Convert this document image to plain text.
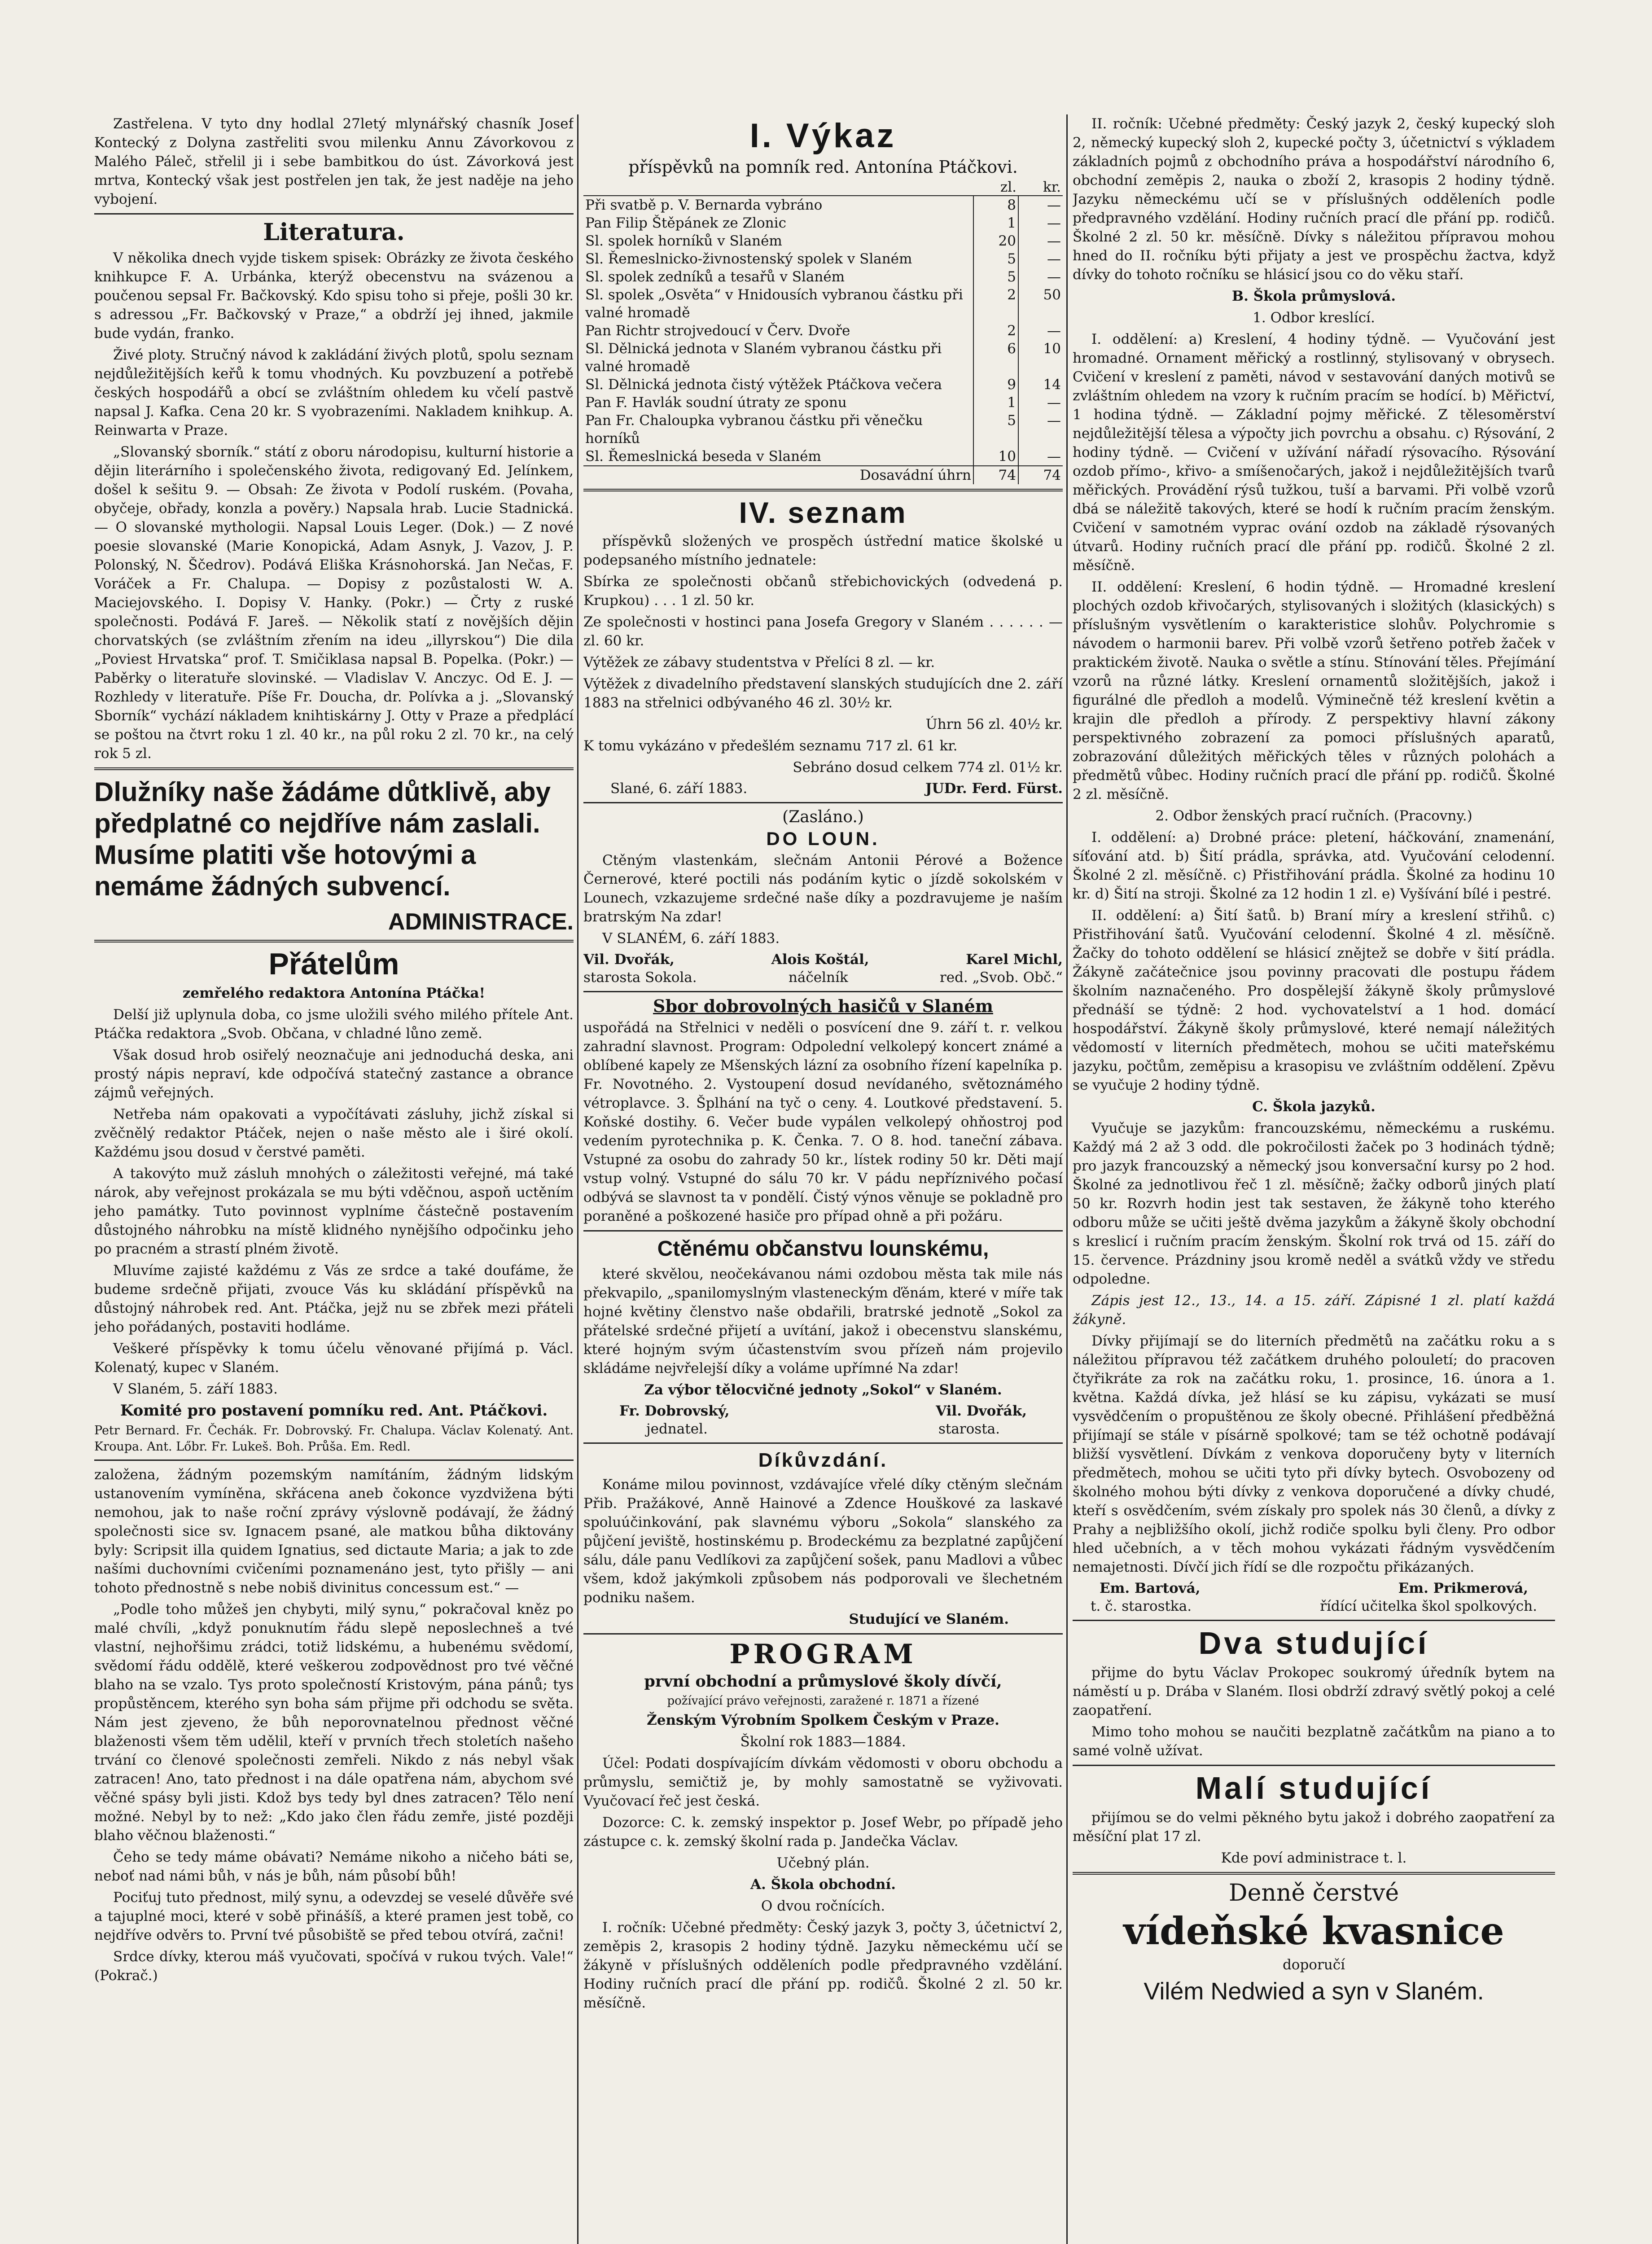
Zastřelena. V tyto dny hodlal 27letý mlynářský chasník Josef Kontecký z Dolyna zastřeliti svou milenku Annu Závorkovou z Malého Páleč, střelil ji i sebe bambitkou do úst. Závorková jest mrtva, Kontecký však jest postřelen jen tak, že jest naděje na jeho vybojení.

Literatura.

V několika dnech vyjde tiskem spisek: Obrázky ze života českého knihkupce F. A. Urbánka, kterýž obecenstvu na svázenou a poučenou sepsal Fr. Bačkovský. Kdo spisu toho si přeje, pošli 30 kr. s adressou „Fr. Bačkovský v Praze,“ a obdrží jej ihned, jakmile bude vydán, franko.

Živé ploty. Stručný návod k zakládání živých plotů, spolu seznam nejdůležitějších keřů k tomu vhodných. Ku povzbuzení a potřebě českých hospodářů a obcí se zvláštním ohledem ku včelí pastvě napsal J. Kafka. Cena 20 kr. S vyobrazeními. Nakladem knihkup. A. Reinwarta v Praze.

„Slovanský sborník.“ státí z oboru národopisu, kulturní historie a dějin literárního i společenského života, redigovaný Ed. Jelínkem, došel k sešitu 9. — Obsah: Ze života v Podolí ruském. (Povaha, obyčeje, obřady, konzla a pověry.) Napsala hrab. Lucie Stadnická. — O slovanské mythologii. Napsal Louis Leger. (Dok.) — Z nové poesie slovanské (Marie Konopická, Adam Asnyk, J. Vazov, J. P. Polonský, N. Ščedrov). Podává Eliška Krásnohorská. Jan Nečas, F. Voráček a Fr. Chalupa. — Dopisy z pozůstalosti W. A. Maciejovského. I. Dopisy V. Hanky. (Pokr.) — Črty z ruské společnosti. Podává F. Jareš. — Několik statí z novějších dějin chorvatských (se zvláštním zřením na ideu „illyrskou“) Die dila „Poviest Hrvatska“ prof. T. Smičiklasa napsal B. Popelka. (Pokr.) — Paběrky o literatuře slovinské. — Vladislav V. Anczyc. Od E. J. — Rozhledy v literatuře. Píše Fr. Doucha, dr. Polívka a j. „Slovanský Sborník“ vychází nákladem knihtiskárny J. Otty v Praze a předplácí se poštou na čtvrt roku 1 zl. 40 kr., na půl roku 2 zl. 70 kr., na celý rok 5 zl.

Dlužníky naše žádáme důtklivě, aby předplatné co nejdříve nám zaslali. Musíme platiti vše hotovými a nemáme žádných subvencí.
ADMINISTRACE.
Přátelům

zemřelého redaktora Antonína Ptáčka!

Delší již uplynula doba, co jsme uložili svého milého přítele Ant. Ptáčka redaktora „Svob. Občana, v chladné lůno země.

Však dosud hrob osiřelý neoznačuje ani jednoduchá deska, ani prostý nápis nepraví, kde odpočívá statečný zastance a obrance zájmů veřejných.

Netřeba nám opakovati a vypočítávati zásluhy, jichž získal si zvěčnělý redaktor Ptáček, nejen o naše město ale i širé okolí. Každému jsou dosud v čerstvé paměti.

A takovýto muž zásluh mnohých o záležitosti veřejné, má také nárok, aby veřejnost prokázala se mu býti vděčnou, aspoň uctěním jeho památky. Tuto povinnost vyplníme částečně postavením důstojného náhrobku na místě klidného nynějšího odpočinku jeho po pracném a strastí plném životě.

Mluvíme zajisté každému z Vás ze srdce a také doufáme, že budeme srdečně přijati, zvouce Vás ku skládání příspěvků na důstojný náhrobek red. Ant. Ptáčka, jejž nu se zbřek mezi přáteli jeho pořádaných, postaviti hodláme.

Veškeré příspěvky k tomu účelu věnované přijímá p. Václ. Kolenatý, kupec v Slaném.

V Slaném, 5. září 1883.

Komité pro postavení pomníku red. Ant. Ptáčkovi.

Petr Bernard. Fr. Čechák. Fr. Dobrovský. Fr. Chalupa. Václav Kolenatý. Ant. Kroupa. Ant. Lőbr. Fr. Lukeš. Boh. Průša. Em. Redl.

založena, žádným pozemským namítáním, žádným lidským ustanovením vymíněna, skřácena aneb čokonce vyzdvižena býti nemohou, jak to naše roční zprávy výslovně podávají, že žádný společnosti sice sv. Ignacem psané, ale matkou bůha diktovány byly: Scripsit illa quidem Ignatius, sed dictaute Maria; a jak to zde našími duchovními cvičeními poznamenáno jest, tyto přišly — ani tohoto přednostně s nebe nobiš divinitus concessum est.“ —

„Podle toho můžeš jen chybyti, milý synu,“ pokračoval kněz po malé chvíli, „když ponuknutím řádu slepě neposlechneš a tvé vlastní, nejhořšimu zrádci, totiž lidskému, a hubenému svědomí, svědomí řádu oddělě, které veškerou zodpovědnost pro tvé věčné blaho na se vzalo. Tys proto společností Kristovým, pána pánů; tys propůstěncem, kterého syn boha sám přijme při odchodu se světa. Nám jest zjeveno, že bůh neporovnatelnou přednost věčné blaženosti všem těm udělil, kteří v prvních třech stoletích našeho trvání co členové společnosti zemřeli. Nikdo z nás nebyl však zatracen! Ano, tato přednost i na dále opatřena nám, abychom své věčné spásy byli jisti. Kdož bys tedy byl dnes zatracen? Tělo není možné. Nebyl by to než: „Kdo jako člen řádu zemře, jisté později blaho věčnou blaženosti.“

Čeho se tedy máme obávati? Nemáme nikoho a ničeho báti se, neboť nad námi bůh, v nás je bůh, nám působí bůh!

Pociťuj tuto přednost, milý synu, a odevzdej se veselé důvěře své a tajuplné moci, které v sobě přinášíš, a které pramen jest tobě, co nejdříve odvěrs to. První tvé působiště se před tebou otvírá, začni!

Srdce dívky, kterou máš vyučovati, spočívá v rukou tvých. Vale!“ (Pokrač.)

I. Výkaz

příspěvků na pomník red. Antonína Ptáčkovi.

	zl.	kr.
Při svatbě p. V. Bernarda vybráno	8	—
Pan Filip Štěpánek ze Zlonic	1	—
Sl. spolek horníků v Slaném	20	—
Sl. Řemeslnicko-živnostenský spolek v Slaném	5	—
Sl. spolek zedníků a tesařů v Slaném	5	—
Sl. spolek „Osvěta“ v Hnidousích vybranou částku při valné hromadě	2	50
Pan Richtr strojvedoucí v Červ. Dvoře	2	—
Sl. Dělnická jednota v Slaném vybranou částku při valné hromadě	6	10
Sl. Dělnická jednota čistý výtěžek Ptáčkova večera	9	14
Pan F. Havlák soudní útraty ze sponu	1	—
Pan Fr. Chaloupka vybranou částku při věnečku horníků	5	—
Sl. Řemeslnická beseda v Slaném	10	—
Dosavádní úhrn	74	74
IV. seznam

příspěvků složených ve prospěch ústřední matice školské u podepsaného místního jednatele:

Sbírka ze společnosti občanů střebichovických (odvedená p. Krupkou) . . . 1 zl. 50 kr.

Ze společnosti v hostinci pana Josefa Gregory v Slaném . . . . . . — zl. 60 kr.

Výtěžek ze zábavy studentstva v Přelíci 8 zl. — kr.

Výtěžek z divadelního představení slanských studujících dne 2. září 1883 na střelnici odbývaného 46 zl. 30½ kr.

Úhrn 56 zl. 40½ kr.

K tomu vykázáno v předešlém seznamu 717 zl. 61 kr.

Sebráno dosud celkem 774 zl. 01½ kr.

Slané, 6. září 1883.	JUDr. Ferd. Fürst.

(Zasláno.)

DO LOUN.

Ctěným vlastenkám, slečnám Antonii Pérové a Božence Černerové, které poctili nás podáním kytic o jízdě sokolském v Lounech, vzkazujeme srdečné naše díky a pozdravujeme je naším bratrským Na zdar!

V SLANÉM, 6. září 1883.

Vil. Dvořák,	Alois Koštál,	Karel Michl,
starosta Sokola.	náčelník	red. „Svob. Obč.“

Sbor dobrovolných hasičů v Slaném

uspořádá na Střelnici v neděli o posvícení dne 9. září t. r. velkou zahradní slavnost. Program: Odpolední velkolepý koncert známé a oblíbené kapely ze Mšenských lázní za osobního řízení kapelníka p. Fr. Novotného. 2. Vystoupení dosud nevídaného, světoznámého vétroplavce. 3. Šplhání na tyč o ceny. 4. Loutkové představení. 5. Koňské dostihy. 6. Večer bude vypálen velkolepý ohňostroj pod vedením pyrotechnika p. K. Čenka. 7. O 8. hod. taneční zábava. Vstupné za osobu do zahrady 50 kr., lístek rodiny 50 kr. Děti mají vstup volný. Vstupné do sálu 70 kr. V pádu nepříznivého počasí odbývá se slavnost ta v pondělí. Čistý výnos věnuje se pokladně pro poraněné a poškozené hasiče pro případ ohně a při požáru.

Ctěnému občanstvu lounskému,

které skvělou, neočekávanou námi ozdobou města tak mile nás překvapilo, „spanilomyslným vlastenecký́m ďěnám, které v míře tak hojné květiny členstvo naše obdařili, bratrské jednotě „Sokol za přátelské srdečné přijetí a uvítání, jakož i obecenstvu slanskému, které hojným svým účastenstvím svou přízeň nám projevilo skládáme nejvřelejší díky a voláme upřímné Na zdar!

Za výbor tělocvičné jednoty „Sokol“ v Slaném.

Fr. Dobrovský,	Vil. Dvořák,
jednatel.	starosta.
Díkůvzdání.

Konáme milou povinnost, vzdávajíce vřelé díky ctěným slečnám Přib. Pražákové, Anně Hainové a Zdence Houškové za laskavé spoluúčinkování, pak slavnému výboru „Sokola“ slanského za půjčení jeviště, hostinskému p. Brodeckému za bezplatné zapůjčení sálu, dále panu Vedlíkovi za zapůjčení sošek, panu Madlovi a vůbec všem, kdož jakýmkoli způsobem nás podporovali ve šlechetném podniku našem.

Studující ve Slaném.

PROGRAM

první obchodní a průmyslové školy dívčí,

požívající právo veřejnosti, zaražené r. 1871 a řízené

Ženským Výrobním Spolkem Českým v Praze.

Školní rok 1883—1884.

Účel: Podati dospívajícím dívkám vědomosti v oboru obchodu a průmyslu, semičtiž je, by mohly samostatně se vyživovati. Vyučovací řeč jest česká.

Dozorce: C. k. zemský inspektor p. Josef Webr, po případě jeho zástupce c. k. zemský školní rada p. Jandečka Václav.

Učebný plán.

A. Škola obchodní.

O dvou ročnících.

I. ročník: Učebné předměty: Český jazyk 3, počty 3, účetnictví 2, zeměpis 2, krasopis 2 hodiny týdně. Jazyku německému učí se žákyně v příslušných odděleních podle předpravného vzdělání. Hodiny ručních prací dle přání pp. rodičů. Školné 2 zl. 50 kr. měsíčně.

II. ročník: Učebné předměty: Český jazyk 2, český kupecký sloh 2, německý kupecký sloh 2, kupecké počty 3, účetnictví s výkladem základních pojmů z obchodního práva a hospodářství národního 6, obchodní zeměpis 2, nauka o zboží 2, krasopis 2 hodiny týdně. Jazyku německému učí se v příslušných odděleních podle předpravného vzdělání. Hodiny ručních prací dle přání pp. rodičů. Školné 2 zl. 50 kr. měsíčně. Dívky s náležitou přípravou mohou hned do II. ročníku býti přijaty a jest ve prospěchu žactva, když dívky do tohoto ročníku se hlásicí jsou co do věku staří.

B. Škola průmyslová.

1. Odbor kreslící.

I. oddělení: a) Kreslení, 4 hodiny týdně. — Vyučování jest hromadné. Ornament měřický a rostlinný, stylisovaný v obrysech. Cvičení v kreslení z paměti, návod v sestavování daných motivů se zvláštním ohledem na vzory k ručním pracím se hodící. b) Měřictví, 1 hodina týdně. — Základní pojmy měřické. Z tělesoměrství nejdůležitější tělesa a výpočty jich povrchu a obsahu. c) Rýsování, 2 hodiny týdně. — Cvičení v užívání nářadí rýsovacího. Rýsování ozdob přímo-, křivo- a smíšenočarých, jakož i nejdůležitějších tvarů měřických. Provádění rýsů tužkou, tuší a barvami. Při volbě vzorů dbá se náležitě takových, které se hodí k ručním pracím ženským. Cvičení v samotném vyprac ování ozdob na základě rýsovaných útvarů. Hodiny ručních prací dle přání pp. rodičů. Školné 2 zl. měsíčně.

II. oddělení: Kreslení, 6 hodin týdně. — Hromadné kreslení plochých ozdob křivočarých, stylisovaných i složitých (klasických) s příslušným vysvětlením o karakteristice slohův. Polychromie s návodem o harmonii barev. Při volbě vzorů šetřeno potřeb žaček v praktickém životě. Nauka o světle a stínu. Stínování těles. Přejímání vzorů na různé látky. Kreslení ornamentů složitějších, jakož i figurálné dle předloh a modelů. Výminečně též kreslení květin a krajin dle předloh a přírody. Z perspektivy hlavní zákony perspektivného zobrazení za pomoci příslušných aparatů, zobrazování důležitých měřických těles v různých polohách a předmětů vůbec. Hodiny ručních prací dle přání pp. rodičů. Školné 2 zl. měsíčně.

2. Odbor ženských prací ručních. (Pracovny.)

I. oddělení: a) Drobné práce: pletení, háčkování, znamenání, síťování atd. b) Šití prádla, správka, atd. Vyučování celodenní. Školné 2 zl. měsíčně. c) Přistřihování prádla. Školné za hodinu 10 kr. d) Šití na stroji. Školné za 12 hodin 1 zl. e) Vyšívání bílé i pestré.

II. oddělení: a) Šití šatů. b) Braní míry a kreslení střihů. c) Přistřihování šatů. Vyučování celodenní. Školné 4 zl. měsíčně. Žačky do tohoto oddělení se hlásicí znějtež se dobře v šití prádla. Žákyně začátečnice jsou povinny pracovati dle postupu řádem školním naznačeného. Pro dospělejší žákyně školy průmyslové přednáší se týdně: 2 hod. vychovatelství a 1 hod. domácí hospodářství. Žákyně školy průmyslové, které nemají náležitých vědomostí v literních předmětech, mohou se učiti mateřskému jazyku, počtům, zeměpisu a krasopisu ve zvláštním oddělení. Zpěvu se vyučuje 2 hodiny týdně.

C. Škola jazyků.

Vyučuje se jazykům: francouzskému, německému a ruskému. Každý má 2 až 3 odd. dle pokročilosti žaček po 3 hodinách týdně; pro jazyk francouzský a německý jsou konversační kursy po 2 hod. Školné za jednotlivou řeč 1 zl. měsíčně; žačky odborů jiných platí 50 kr. Rozvrh hodin jest tak sestaven, že žákyně toho kterého odboru může se učiti ještě dvěma jazykům a žákyně školy obchodní s kreslicí i ručním pracím ženským. Školní rok trvá od 15. září do 15. července. Prázdniny jsou kromě neděl a svátků vždy ve středu odpoledne.

Zápis jest 12., 13., 14. a 15. září. Zápisné 1 zl. platí každá žákyně.

Dívky přijímají se do literních předmětů na začátku roku a s náležitou přípravou též začátkem druhého polouletí; do pracoven čtyřikráte za rok na začátku roku, 1. prosince, 16. února a 1. května. Každá dívka, jež hlásí se ku zápisu, vykázati se musí vysvědčením o propuštěnou ze školy obecné. Přihlášení předběžná přijímají se stále v písárně spolkové; tam se též ochotně podávají bližší vysvětlení. Dívkám z venkova doporučeny byty v literních předmětech, mohou se učiti tyto při dívky bytech. Osvobozeny od školného mohou býti dívky z venkova doporučené a dívky chudé, kteří s osvědčením, svém získaly pro spolek nás 30 členů, a dívky z Prahy a nejbližšího okolí, jichž rodiče spolku byli členy. Pro odbor hled učebních, a v těch mohou vykázati řádným vysvědčením nemajetnosti. Dívčí jich řídí se dle rozpočtu přikázaných.

Em. Bartová,	Em. Prikmerová,
t. č. starostka.	řídící učitelka škol spolkových.
Dva studující

přijme do bytu Václav Prokopec soukromý úředník bytem na náměstí u p. Drába v Slaném. Ilosi obdrží zdravý světlý pokoj a celé zaopatření.

Mimo toho mohou se naučiti bezplatně začátkům na piano a to samé volně užívat.

Malí studující

přijímou se do velmi pěkného bytu jakož i dobrého zaopatření za měsíční plat 17 zl.

Kde poví administrace t. l.

Denně čerstvé

vídeňské kvasnice

doporučí

Vilém Nedwied a syn v Slaném.
